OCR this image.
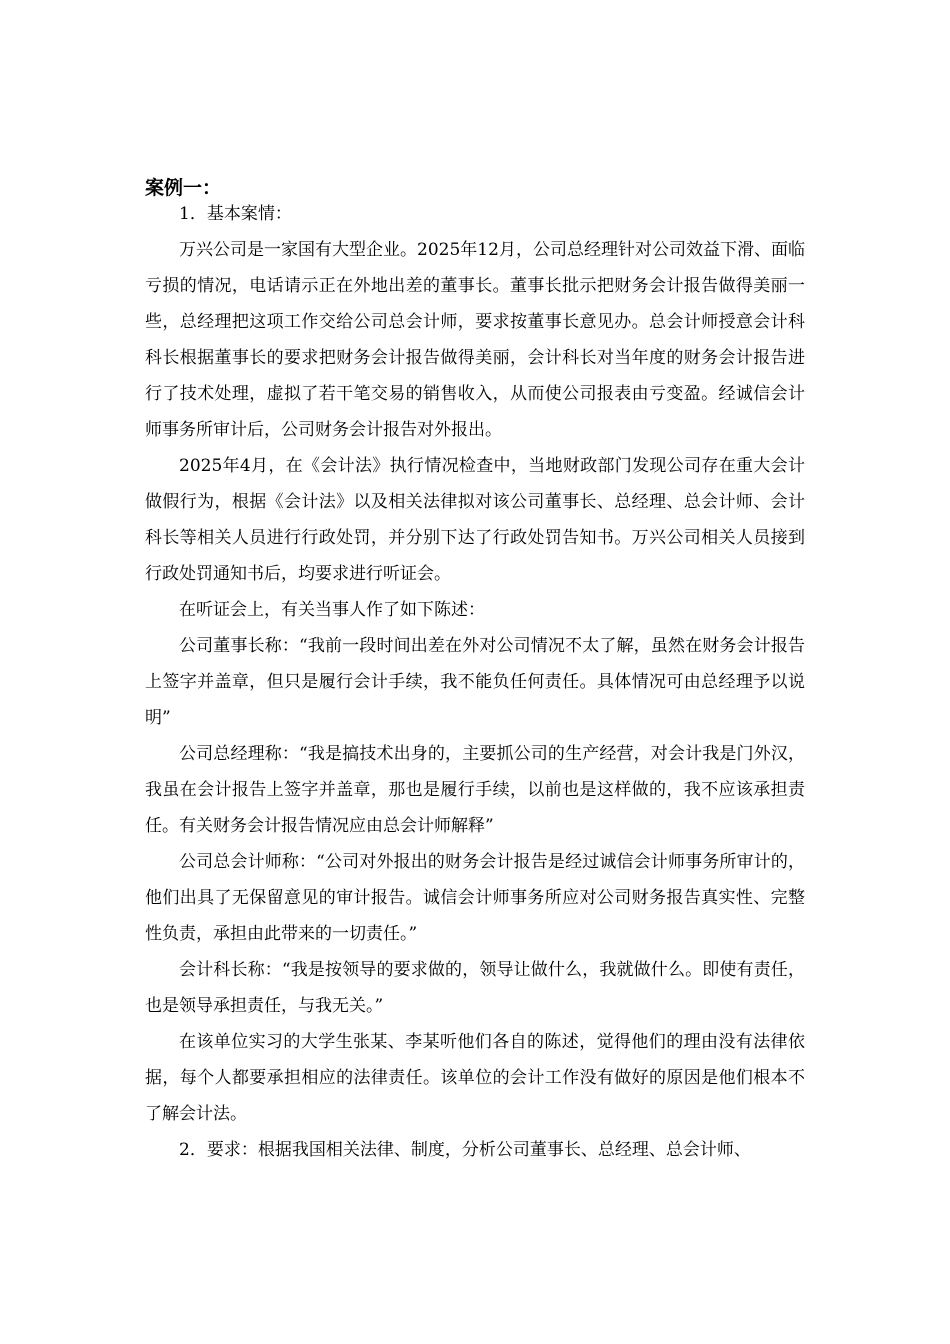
案例一：

1．基本案情：

万兴公司是一家国有大型企业。2025年12月，公司总经理针对公司效益下滑、面临亏损的情况，电话请示正在外地出差的董事长。董事长批示把财务会计报告做得美丽一些，总经理把这项工作交给公司总会计师，要求按董事长意见办。总会计师授意会计科科长根据董事长的要求把财务会计报告做得美丽，会计科长对当年度的财务会计报告进行了技术处理，虚拟了若干笔交易的销售收入，从而使公司报表由亏变盈。经诚信会计师事务所审计后，公司财务会计报告对外报出。

2025年4月，在《会计法》执行情况检查中，当地财政部门发现公司存在重大会计做假行为，根据《会计法》以及相关法律拟对该公司董事长、总经理、总会计师、会计科长等相关人员进行行政处罚，并分别下达了行政处罚告知书。万兴公司相关人员接到行政处罚通知书后，均要求进行听证会。

在听证会上，有关当事人作了如下陈述：

公司董事长称：“我前一段时间出差在外对公司情况不太了解，虽然在财务会计报告上签字并盖章，但只是履行会计手续，我不能负任何责任。具体情况可由总经理予以说明”

公司总经理称：“我是搞技术出身的，主要抓公司的生产经营，对会计我是门外汉，我虽在会计报告上签字并盖章，那也是履行手续，以前也是这样做的，我不应该承担责任。有关财务会计报告情况应由总会计师解释”

公司总会计师称：“公司对外报出的财务会计报告是经过诚信会计师事务所审计的，他们出具了无保留意见的审计报告。诚信会计师事务所应对公司财务报告真实性、完整性负责，承担由此带来的一切责任。”

会计科长称：“我是按领导的要求做的，领导让做什么，我就做什么。即使有责任，也是领导承担责任，与我无关。”

在该单位实习的大学生张某、李某听他们各自的陈述，觉得他们的理由没有法律依据，每个人都要承担相应的法律责任。该单位的会计工作没有做好的原因是他们根本不了解会计法。

2．要求：根据我国相关法律、制度，分析公司董事长、总经理、总会计师、
